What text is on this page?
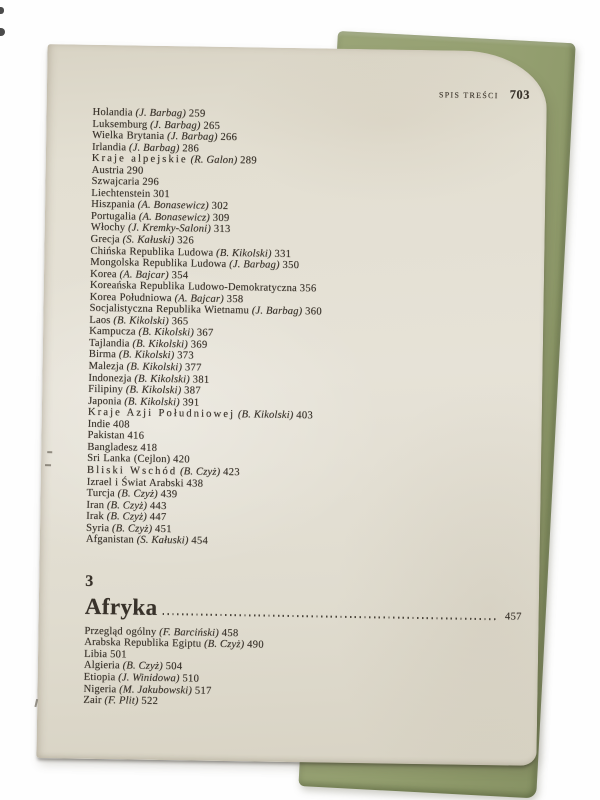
SPIS TREŚCI 703
Holandia (J. Barbag) 259
Luksemburg (J. Barbag) 265
Wielka Brytania (J. Barbag) 266
Irlandia (J. Barbag) 286
Kraje alpejskie (R. Galon) 289
Austria 290
Szwajcaria 296
Liechtenstein 301
Hiszpania (A. Bonasewicz) 302
Portugalia (A. Bonasewicz) 309
Włochy (J. Kremky-Saloni) 313
Grecja (S. Kałuski) 326
Chińska Republika Ludowa (B. Kikolski) 331
Mongolska Republika Ludowa (J. Barbag) 350
Korea (A. Bajcar) 354
Koreańska Republika Ludowo-Demokratyczna 356
Korea Południowa (A. Bajcar) 358
Socjalistyczna Republika Wietnamu (J. Barbag) 360
Laos (B. Kikolski) 365
Kampucza (B. Kikolski) 367
Tajlandia (B. Kikolski) 369
Birma (B. Kikolski) 373
Malezja (B. Kikolski) 377
Indonezja (B. Kikolski) 381
Filipiny (B. Kikolski) 387
Japonia (B. Kikolski) 391
Kraje Azji Południowej (B. Kikolski) 403
Indie 408
Pakistan 416
Bangladesz 418
Sri Lanka (Cejlon) 420
Bliski Wschód (B. Czyż) 423
Izrael i Świat Arabski 438
Turcja (B. Czyż) 439
Iran (B. Czyż) 443
Irak (B. Czyż) 447
Syria (B. Czyż) 451
Afganistan (S. Kałuski) 454
3
Afryka	457
Przegląd ogólny (F. Barciński) 458
Arabska Republika Egiptu (B. Czyż) 490
Libia 501
Algieria (B. Czyż) 504
Etiopia (J. Winidowa) 510
Nigeria (M. Jakubowski) 517
Zair (F. Plit) 522
